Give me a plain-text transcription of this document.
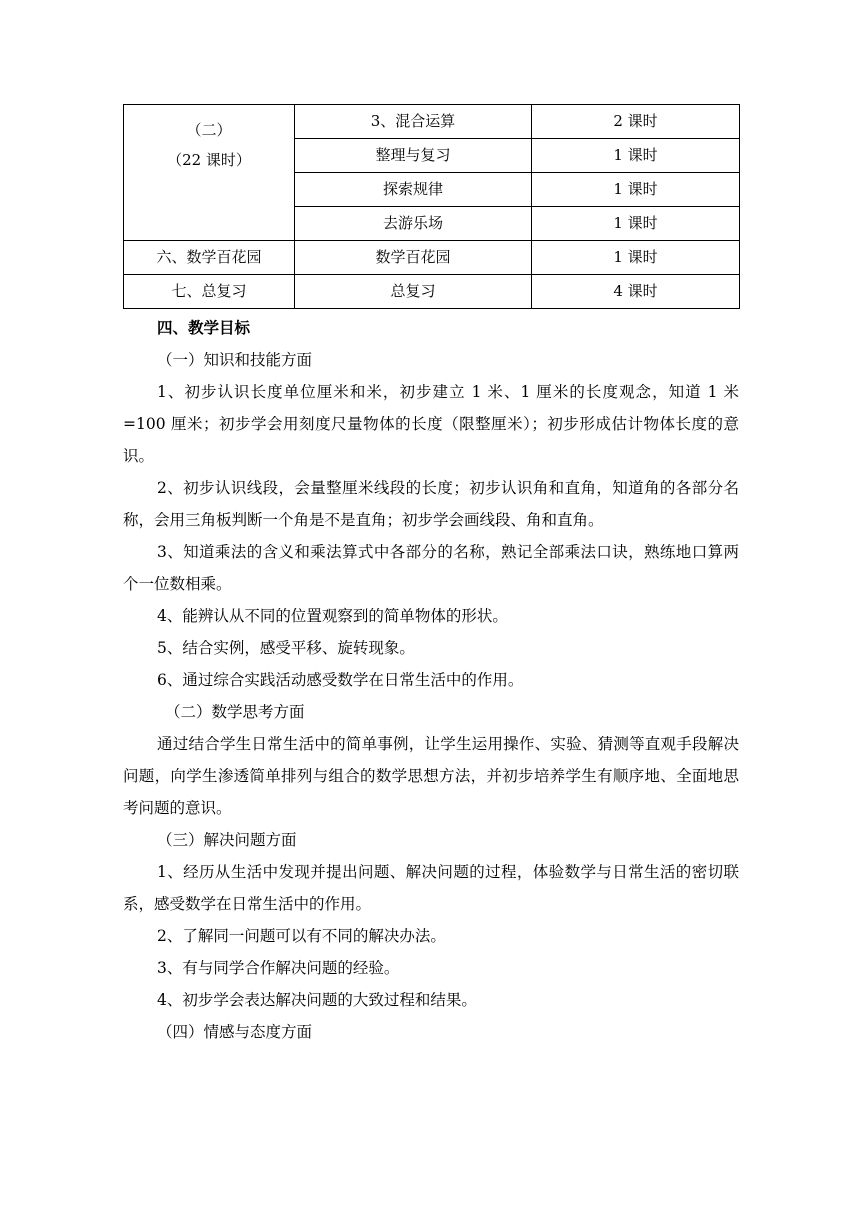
（二）
（22 课时）	3、混合运算	2 课时
	整理与复习	1 课时
	探索规律	1 课时
	去游乐场	1 课时
六、数学百花园	数学百花园	1 课时
七、总复习	总复习	4 课时
四、教学目标
（一）知识和技能方面
1、初步认识长度单位厘米和米，初步建立 1 米、1 厘米的长度观念，知道 1 米=100 厘米；初步学会用刻度尺量物体的长度（限整厘米）；初步形成估计物体长度的意识。
2、初步认识线段，会量整厘米线段的长度；初步认识角和直角，知道角的各部分名称，会用三角板判断一个角是不是直角；初步学会画线段、角和直角。
3、知道乘法的含义和乘法算式中各部分的名称，熟记全部乘法口诀，熟练地口算两个一位数相乘。
4、能辨认从不同的位置观察到的简单物体的形状。
5、结合实例，感受平移、旋转现象。
6、通过综合实践活动感受数学在日常生活中的作用。
（二）数学思考方面
通过结合学生日常生活中的简单事例，让学生运用操作、实验、猜测等直观手段解决问题，向学生渗透简单排列与组合的数学思想方法，并初步培养学生有顺序地、全面地思考问题的意识。
（三）解决问题方面
1、经历从生活中发现并提出问题、解决问题的过程，体验数学与日常生活的密切联系，感受数学在日常生活中的作用。
2、了解同一问题可以有不同的解决办法。
3、有与同学合作解决问题的经验。
4、初步学会表达解决问题的大致过程和结果。
（四）情感与态度方面
